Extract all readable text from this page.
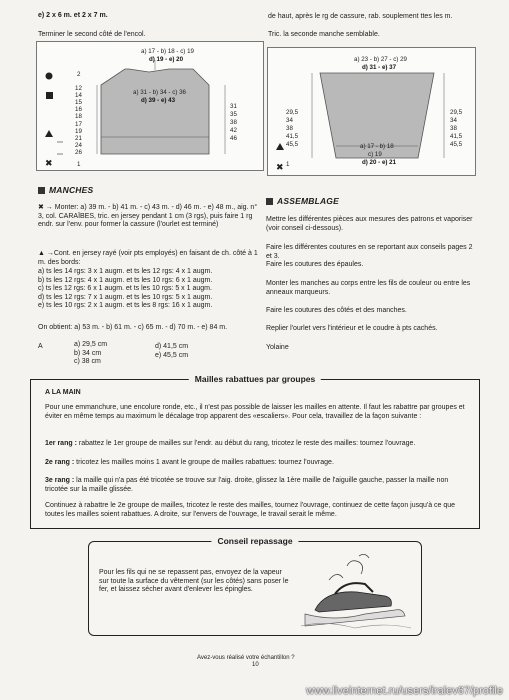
e) 2 x 6 m. et 2 x 7 m.
Terminer le second côté de l'encol.
de haut, après le rg de cassure, rab. souplement ttes les m.
Tric. la seconde manche semblable.
a) 17 - b) 18 - c) 19
d) 19 - e) 20
a) 31 - b) 34 - c) 36
d) 39 - e) 43
2
12
14
15
16
18
17
19
21
24
26
1
31
35
38
42
46
✖
a) 23 - b) 27 - c) 29
d) 31 - e) 37
a) 17 - b) 18
c) 19
d) 20 - e) 21
29,5
34
38
41,5
45,5
29,5
34
38
41,5
45,5
1
✖
MANCHES
✖ → Monter: a) 39 m. - b) 41 m. - c) 43 m. - d) 46 m. - e) 48 m., aig. n° 3, col. CARAÏBES, tric. en jersey pendant 1 cm (3 rgs), puis faire 1 rg endr. sur l'env. pour former la cassure (l'ourlet est terminé)
▲ →Cont. en jersey rayé (voir pts employés) en faisant de ch. côté à 1 m. des bords:
a) ts les 14 rgs: 3 x 1 augm. et ts les 12 rgs: 4 x 1 augm.
b) ts les 12 rgs: 4 x 1 augm. et ts les 10 rgs: 6 x 1 augm.
c) ts les 12 rgs: 6 x 1 augm. et ts les 10 rgs: 5 x 1 augm.
d) ts les 12 rgs: 7 x 1 augm. et ts les 10 rgs: 5 x 1 augm.
e) ts les 10 rgs: 2 x 1 augm. et ts les 8 rgs: 16 x 1 augm.
On obtient: a) 53 m. - b) 61 m. - c) 65 m. - d) 70 m. - e) 84 m.
A	a) 29,5 cm
b) 34 cm
c) 38 cm
d) 41,5 cm
e) 45,5 cm
ASSEMBLAGE
Mettre les différentes pièces aux mesures des patrons et vaporiser (voir conseil ci-dessous).
Faire les différentes coutures en se reportant aux conseils pages 2 et 3.
Faire les coutures des épaules.
Monter les manches au corps entre les fils de couleur ou entre les anneaux marqueurs.
Faire les coutures des côtés et des manches.
Replier l'ourlet vers l'intérieur et le coudre à pts cachés.
Yolaine
Mailles rabattues par groupes
A LA MAIN
Pour une emmanchure, une encolure ronde, etc., il n'est pas possible de laisser les mailles en attente. Il faut les rabattre par groupes et éviter en même temps au maximum le décalage trop apparent des «escaliers». Pour cela, travaillez de la façon suivante :
1er rang : rabattez le 1er groupe de mailles sur l'endr. au début du rang, tricotez le reste des mailles: tournez l'ouvrage.
2e rang : tricotez les mailles moins 1 avant le groupe de mailles rabattues: tournez l'ouvrage.
3e rang : la maille qui n'a pas été tricotée se trouve sur l'aig. droite, glissez la 1ère maille de l'aiguille gauche, passer la maille non tricotée sur la maille glissée.
Continuez à rabattre le 2e groupe de mailles, tricotez le reste des mailles, tournez l'ouvrage, continuez de cette façon jusqu'à ce que toutes les mailles soient rabattues. A droite, sur l'envers de l'ouvrage, le travail serait le même.
Conseil repassage
Pour les fils qui ne se repassent pas, envoyez de la vapeur sur toute la surface du vêtement (sur les côtés) sans poser le fer, et laissez sécher avant d'enlever les épingles.
Avez-vous réalisé votre échantillon ?
10
www.liveinternet.ru/users/iralev67/profile
